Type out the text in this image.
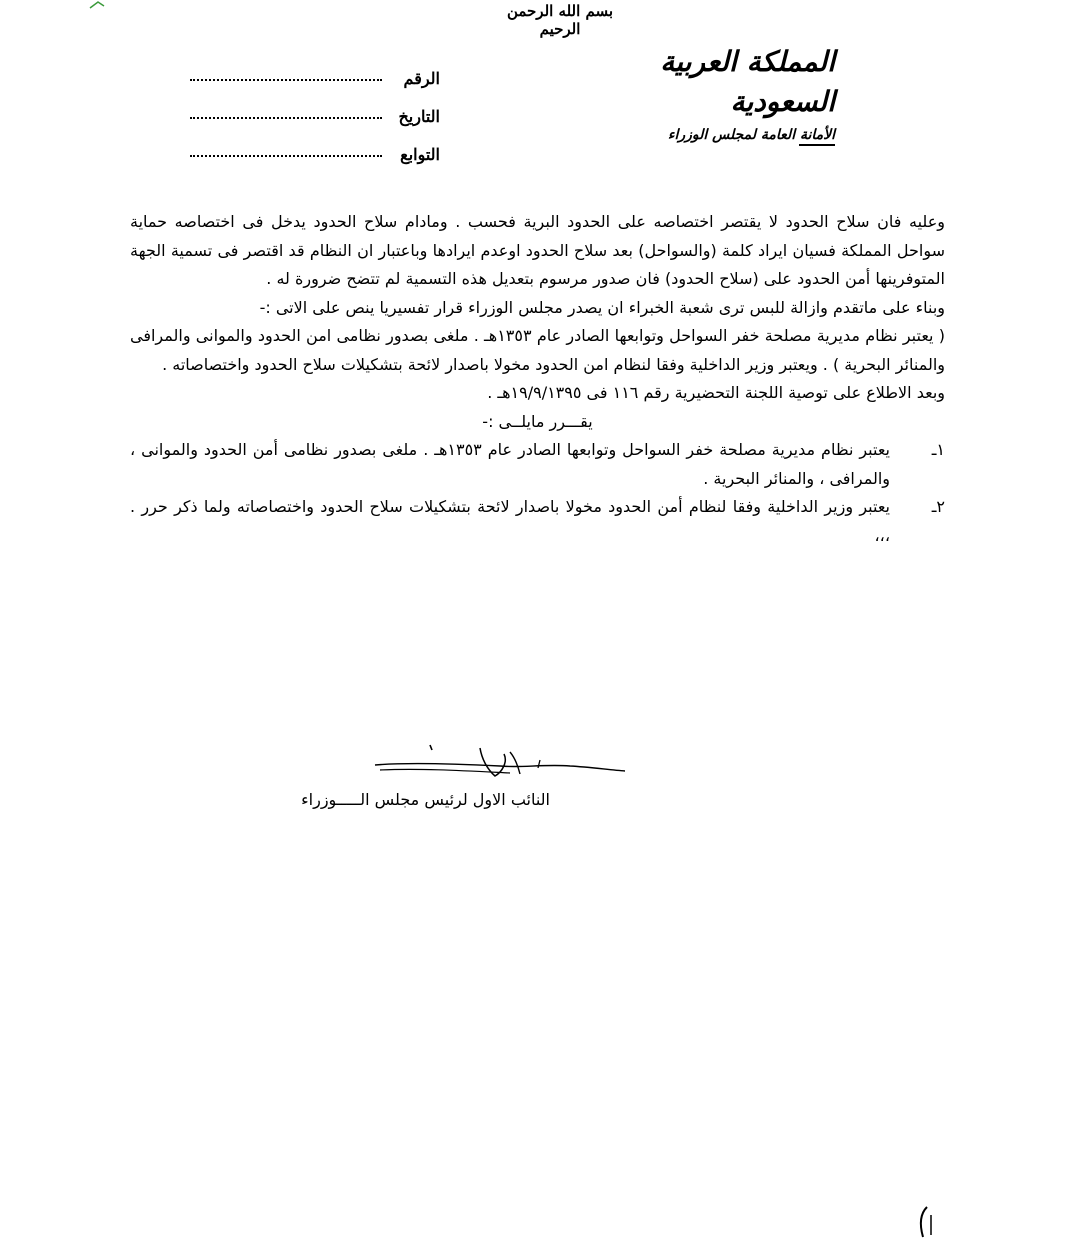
بسم الله الرحمن الرحيم
الرقم
التاريخ
التوابع
المملكة العربية السعودية
الأمانة العامة لمجلس الوزراء

وعليه فان سلاح الحدود لا يقتصر اختصاصه على الحدود البرية فحسب . ومادام سلاح الحدود يدخل فى اختصاصه حماية سواحل المملكة فسيان ايراد كلمة (والسواحل) بعد سلاح الحدود اوعدم ايرادها وباعتبار ان النظام قد اقتصر فى تسمية الجهة المتوفرينها أمن الحدود على (سلاح الحدود) فان صدور مرسوم بتعديل هذه التسمية لم تتضح ضرورة له .

وبناء على ماتقدم وازالة للبس ترى شعبة الخبراء ان يصدر مجلس الوزراء قرار تفسيريا ينص على الاتى :-

( يعتبر نظام مديرية مصلحة خفر السواحل وتوابعها الصادر عام ١٣٥٣هـ . ملغى بصدور نظامى امن الحدود والموانى والمرافى والمنائر البحرية ) . ويعتبر وزير الداخلية وفقا لنظام امن الحدود مخولا باصدار لائحة بتشكيلات سلاح الحدود واختصاصاته .

وبعد الاطلاع على توصية اللجنة التحضيرية رقم ١١٦ فى ١٩/٩/١٣٩٥هـ .

يقـــرر مايلــى :-

١ـ
يعتبر نظام مديرية مصلحة خفر السواحل وتوابعها الصادر عام ١٣٥٣هـ . ملغى بصدور نظامى أمن الحدود والموانى ، والمرافى ، والمنائر البحرية .
٢ـ
يعتبر وزير الداخلية وفقا لنظام أمن الحدود مخولا باصدار لائحة بتشكيلات سلاح الحدود واختصاصاته ولما ذكر حرر . ،،،
النائب الاول لرئيس مجلس الـــــوزراء
